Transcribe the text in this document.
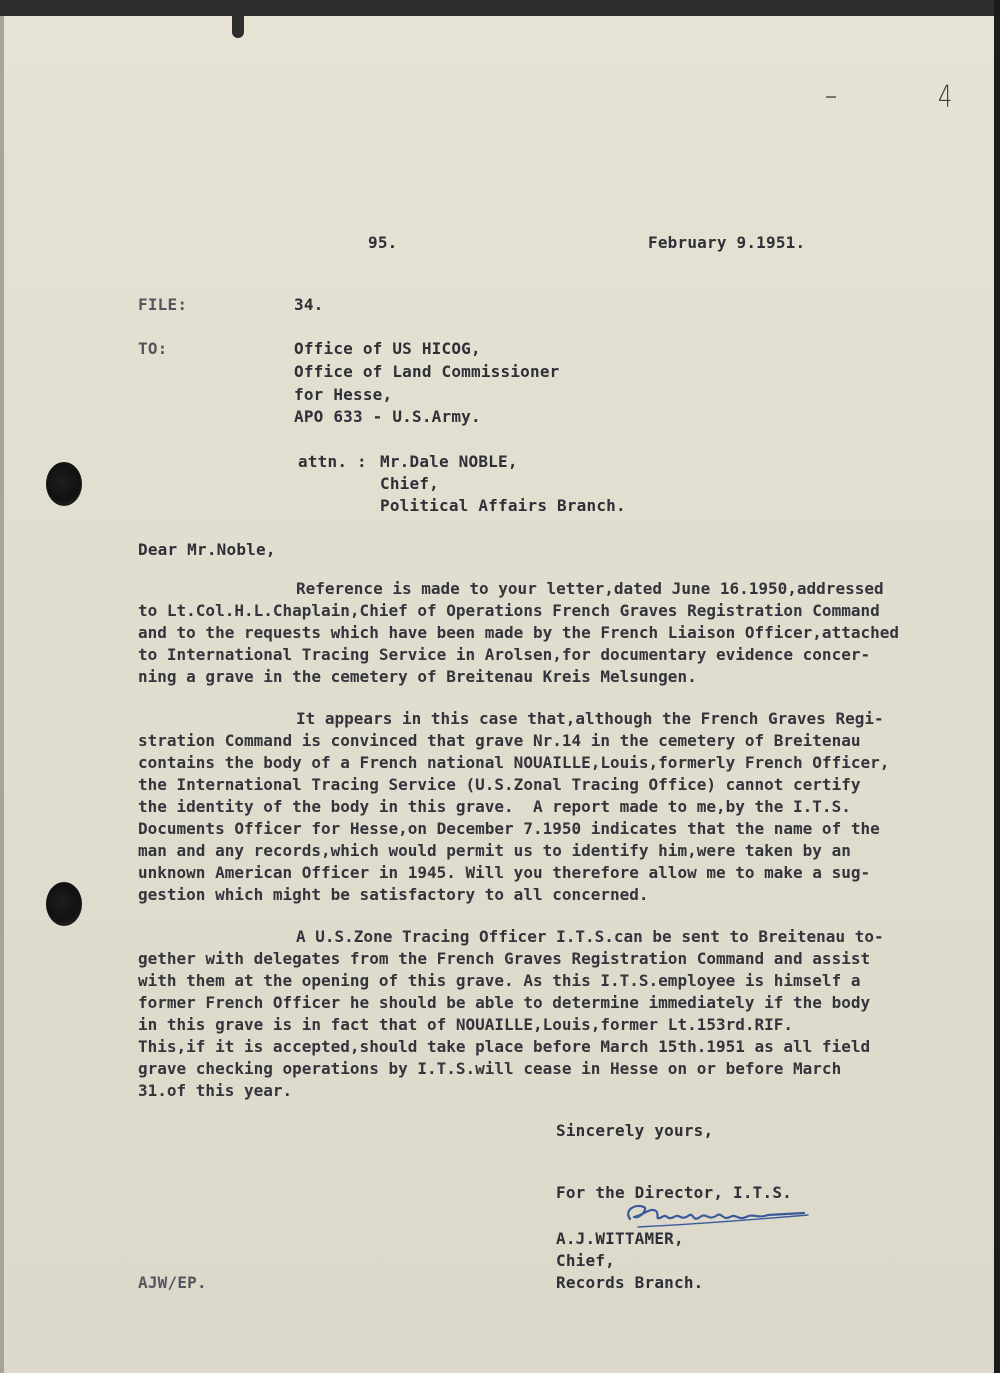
4
95.	February 9.1951.
FILE:	34.
TO:	Office of US HICOG,
Office of Land Commissioner
for Hesse,
APO 633 - U.S.Army.
attn. : Mr.Dale NOBLE,
Chief,
Political Affairs Branch.
Dear Mr.Noble,
Reference is made to your letter,dated June 16.1950,addressed
to Lt.Col.H.L.Chaplain,Chief of Operations French Graves Registration Command
and to the requests which have been made by the French Liaison Officer,attached
to International Tracing Service in Arolsen,for documentary evidence concer-
ning a grave in the cemetery of Breitenau Kreis Melsungen.
It appears in this case that,although the French Graves Regi-
stration Command is convinced that grave Nr.14 in the cemetery of Breitenau
contains the body of a French national NOUAILLE,Louis,formerly French Officer,
the International Tracing Service (U.S.Zonal Tracing Office) cannot certify
the identity of the body in this grave.  A report made to me,by the I.T.S.
Documents Officer for Hesse,on December 7.1950 indicates that the name of the
man and any records,which would permit us to identify him,were taken by an
unknown American Officer in 1945. Will you therefore allow me to make a sug-
gestion which might be satisfactory to all concerned.
A U.S.Zone Tracing Officer I.T.S.can be sent to Breitenau to-
gether with delegates from the French Graves Registration Command and assist
with them at the opening of this grave. As this I.T.S.employee is himself a
former French Officer he should be able to determine immediately if the body
in this grave is in fact that of NOUAILLE,Louis,former Lt.153rd.RIF.
This,if it is accepted,should take place before March 15th.1951 as all field
grave checking operations by I.T.S.will cease in Hesse on or before March
31.of this year.
Sincerely yours,
For the Director, I.T.S.
A.J.WITTAMER,
Chief,
Records Branch.
AJW/EP.
